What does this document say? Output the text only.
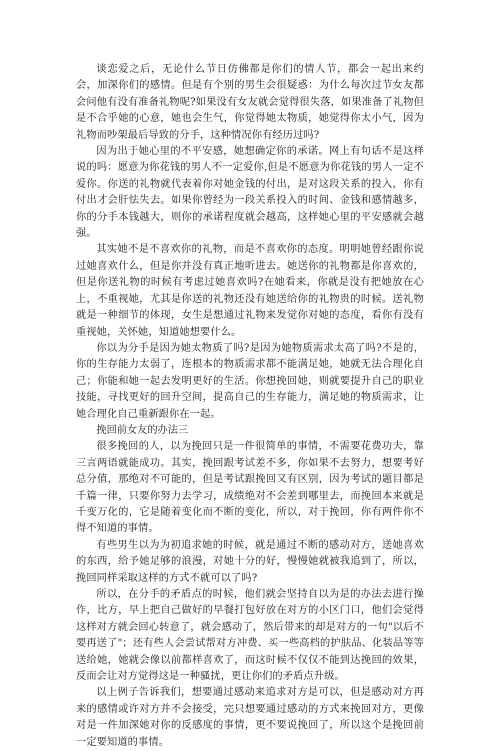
谈恋爱之后，无论什么节日仿佛都是你们的情人节，都会一起出来约会，加深你们的感情。但是有个别的男生会很疑惑：为什么每次过节女友都会问他有没有准备礼物呢?如果没有女友就会觉得很失落，如果准备了礼物但是不合乎她的心意，她也会生气，你觉得她太物质，她觉得你太小气，因为礼物而吵架最后导致的分手，这种情况你有经历过吗?

因为出于她心里的不平安感，她想确定你的承诺。网上有句话不是这样说的吗：愿意为你花钱的男人不一定爱你,但是不愿意为你花钱的男人一定不爱你。你送的礼物就代表着你对她金钱的付出，是对这段关系的投入，你有付出才会肝怯失去。如果你曾经为一段关系投入的时间、金钱和感情越多，你的分手本钱越大，则你的承诺程度就会越高，这样她心里的平安感就会越强。

其实她不是不喜欢你的礼物，而是不喜欢你的态度。明明她曾经跟你说过她喜欢什么，但是你并没有真正地听进去。她送你的礼物都是你喜欢的，但是你送礼物的时候有考虑过她喜欢吗?在她看来，你就是没有把她放在心上，不重视她，尤其是你送的礼物还没有她送给你的礼物贵的时候。送礼物就是一种细节的体现，女生是想通过礼物来发觉你对她的态度，看你有没有重视她，关怀她，知道她想要什么。

你以为分手是因为她太物质了吗?是因为她物质需求太高了吗?不是的，你的生存能力太弱了，连根本的物质需求都不能满足她，她就无法合理化自己；你能和她一起去发明更好的生活。你想挽回她，则就要提升自己的职业技能，寻找更好的回升空间，提高自己的生存能力，满足她的物质需求，让她合理化自己重新跟你在一起。

挽回前女友的办法三

很多挽回的人，以为挽回只是一件很简单的事情，不需要花费功夫，靠三言两语就能成功。其实，挽回跟考试差不多，你如果不去努力，想要考好总分值，那绝对不可能的，但是考试跟挽回又有区别，因为考试的题目都是千篇一律，只要你努力去学习，成绩绝对不会差到哪里去，而挽回本来就是千变万化的，它是随着变化而不断的变化，所以，对于挽回，你有两件你不得不知道的事情。

有些男生以为为初追求她的时候，就是通过不断的感动对方，送她喜欢的东西，给予她足够的浪漫，对她十分的好，慢慢她就被我追到了，所以，挽回同样采取这样的方式不就可以了吗?

所以，在分手的矛盾点的时候，他们就会坚持自以为是的办法去进行操作，比方，早上把自己做好的早餐打包好放在对方的小区门口，他们会觉得这样对方就会回心转意了，就会感动了，然后带来的却是对方的一句"以后不要再送了"；还有些人会尝试帮对方冲费、买一些高档的护肤品、化装品等等送给她，她就会像以前都样喜欢了，而这时候不仅仅不能到达挽回的效果，反而会让对方觉得这是一种骚扰，更让你们的矛盾点升级。

以上例子告诉我们，想要通过感动来追求对方是可以，但是感动对方再来的感情或许对方并不会接受，完只想要通过感动的方式来挽回对方，更像对是一件加深她对你的反感度的事情，更不要说挽回了，所以这个是挽回前一定要知道的事情。
